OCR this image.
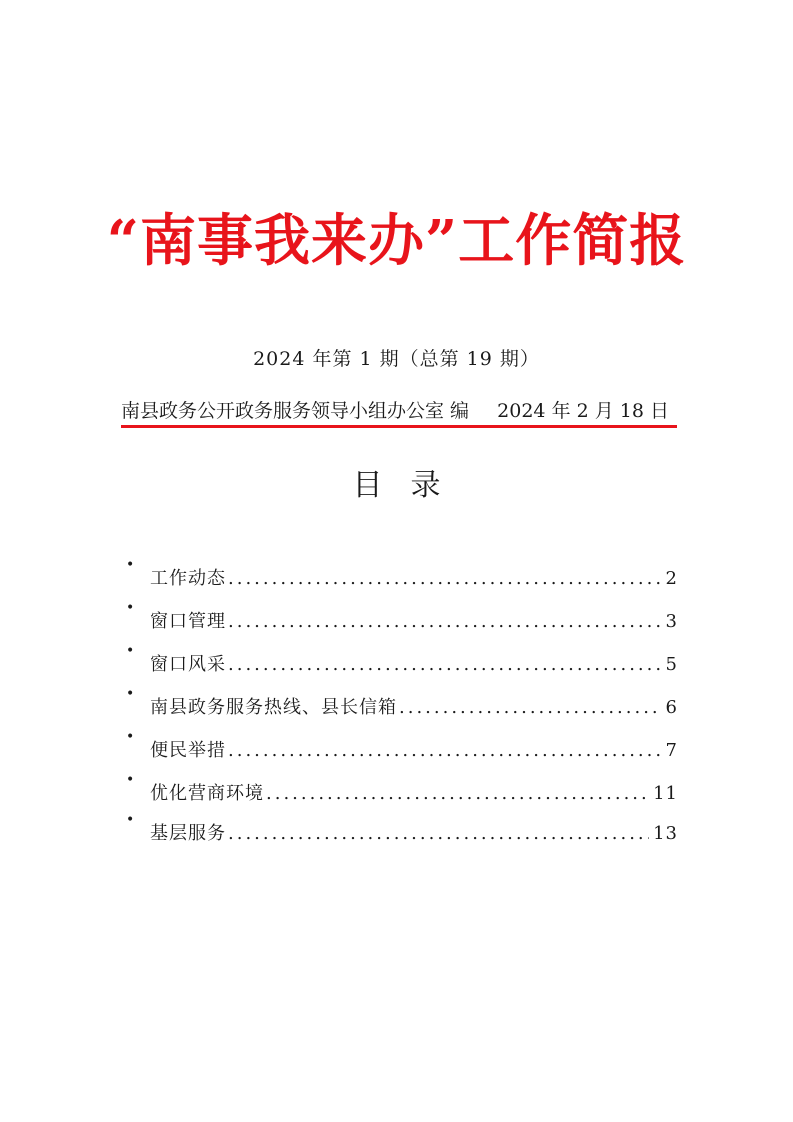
“南事我来办”工作简报
2024 年第 1 期（总第 19 期）
南县政务公开政务服务领导小组办公室 编 2024 年 2 月 18 日
目录
•
工作动态 .....	2
•
窗口管理 .....	3
•
窗口风采 .....	5
•
南县政务服务热线、县长信箱 .....	6
•
便民举措 .....	7
•
优化营商环境 .....	11
•
基层服务 .....	13
